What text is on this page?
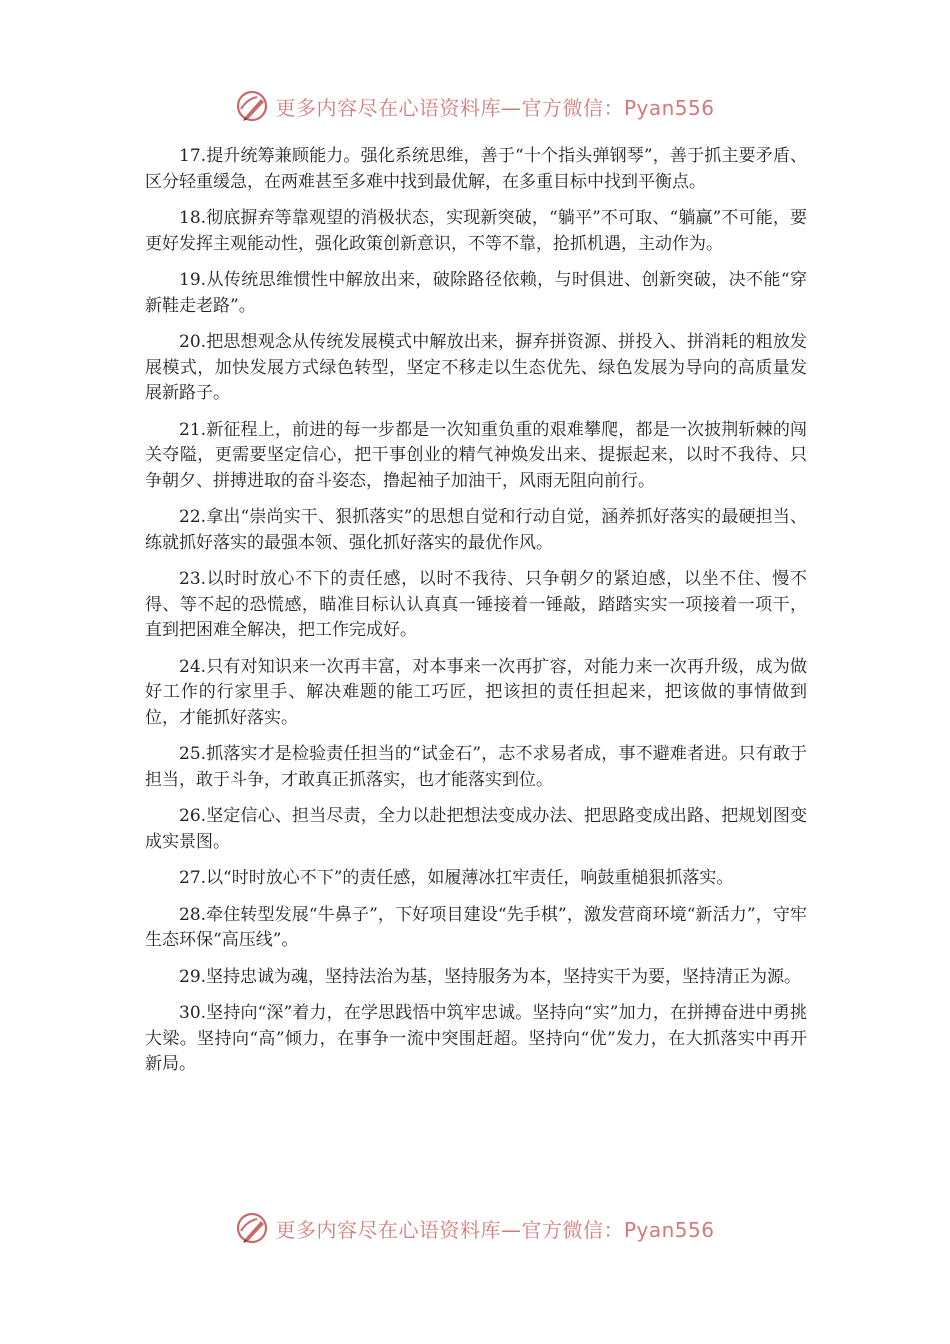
更多内容尽在心语资料库—官方微信：Pyan556

17.提升统筹兼顾能力。强化系统思维，善于“十个指头弹钢琴”，善于抓主要矛盾、区分轻重缓急，在两难甚至多难中找到最优解，在多重目标中找到平衡点。

18.彻底摒弃等靠观望的消极状态，实现新突破，“躺平”不可取、“躺赢”不可能，要更好发挥主观能动性，强化政策创新意识，不等不靠，抢抓机遇，主动作为。

19.从传统思维惯性中解放出来，破除路径依赖，与时俱进、创新突破，决不能“穿新鞋走老路”。

20.把思想观念从传统发展模式中解放出来，摒弃拼资源、拼投入、拼消耗的粗放发展模式，加快发展方式绿色转型，坚定不移走以生态优先、绿色发展为导向的高质量发展新路子。

21.新征程上，前进的每一步都是一次知重负重的艰难攀爬，都是一次披荆斩棘的闯关夺隘，更需要坚定信心，把干事创业的精气神焕发出来、提振起来，以时不我待、只争朝夕、拼搏进取的奋斗姿态，撸起袖子加油干，风雨无阻向前行。

22.拿出“崇尚实干、狠抓落实”的思想自觉和行动自觉，涵养抓好落实的最硬担当、练就抓好落实的最强本领、强化抓好落实的最优作风。

23.以时时放心不下的责任感，以时不我待、只争朝夕的紧迫感，以坐不住、慢不得、等不起的恐慌感，瞄准目标认认真真一锤接着一锤敲，踏踏实实一项接着一项干，直到把困难全解决，把工作完成好。

24.只有对知识来一次再丰富，对本事来一次再扩容，对能力来一次再升级，成为做好工作的行家里手、解决难题的能工巧匠，把该担的责任担起来，把该做的事情做到位，才能抓好落实。

25.抓落实才是检验责任担当的“试金石”，志不求易者成，事不避难者进。只有敢于担当，敢于斗争，才敢真正抓落实，也才能落实到位。

26.坚定信心、担当尽责，全力以赴把想法变成办法、把思路变成出路、把规划图变成实景图。

27.以“时时放心不下”的责任感，如履薄冰扛牢责任，响鼓重槌狠抓落实。

28.牵住转型发展“牛鼻子”，下好项目建设“先手棋”，激发营商环境“新活力”，守牢生态环保“高压线”。

29.坚持忠诚为魂，坚持法治为基，坚持服务为本，坚持实干为要，坚持清正为源。

30.坚持向“深”着力，在学思践悟中筑牢忠诚。坚持向“实”加力，在拼搏奋进中勇挑大梁。坚持向“高”倾力，在事争一流中突围赶超。坚持向“优”发力，在大抓落实中再开新局。

更多内容尽在心语资料库—官方微信：Pyan556
